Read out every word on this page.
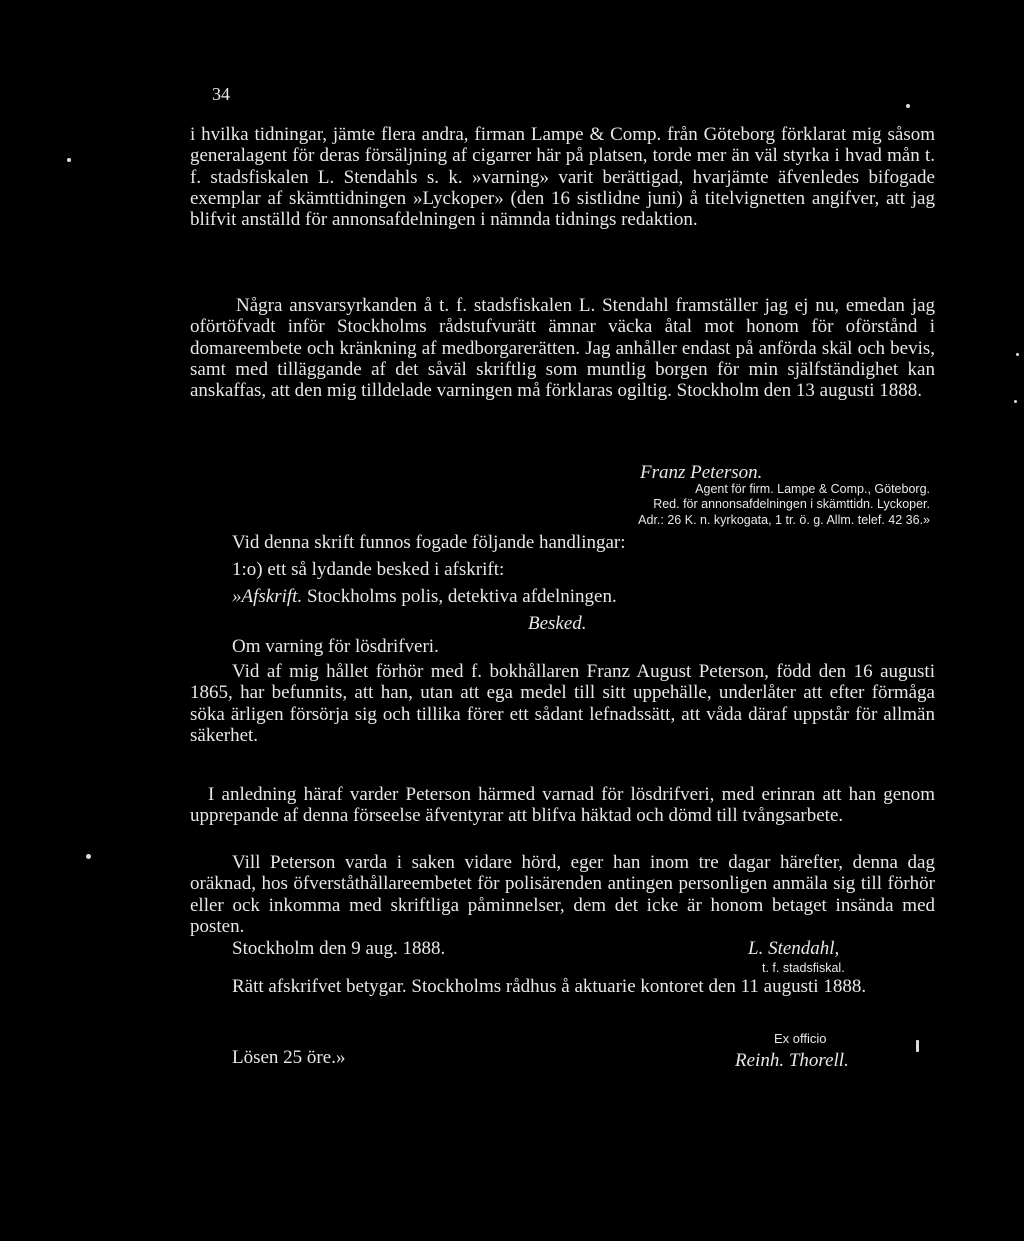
34

i hvilka tidningar, jämte flera andra, firman Lampe & Comp. från Göteborg förklarat mig såsom generalagent för deras försäljning af cigarrer här på platsen, torde mer än väl styrka i hvad mån t. f. stadsfiskalen L. Stendahls s. k. »varning» varit berättigad, hvarjämte äfvenledes bifogade exemplar af skämttidningen »Lyckoper» (den 16 sistlidne juni) å titelvignetten angifver, att jag blifvit anställd för annonsafdelningen i nämnda tidnings redaktion.

Några ansvarsyrkanden å t. f. stadsfiskalen L. Stendahl framställer jag ej nu, emedan jag oförtöfvadt inför Stockholms rådstufvurätt ämnar väcka åtal mot honom för oförstånd i domareembete och kränkning af medborgarerätten. Jag anhåller endast på anförda skäl och bevis, samt med tilläggande af det såväl skriftlig som muntlig borgen för min själfständighet kan anskaffas, att den mig tilldelade varningen må förklaras ogiltig. Stockholm den 13 augusti 1888.

Franz Peterson.
Agent för firm. Lampe & Comp., Göteborg.
Red. för annonsafdelningen i skämttidn. Lyckoper.
Adr.: 26 K. n. kyrkogata, 1 tr. ö. g. Allm. telef. 42 36.»
Vid denna skrift funnos fogade följande handlingar:
1:o) ett så lydande besked i afskrift:
»Afskrift. Stockholms polis, detektiva afdelningen.
Besked.
Om varning för lösdrifveri.

Vid af mig hållet förhör med f. bokhållaren Franz August Peterson, född den 16 augusti 1865, har befunnits, att han, utan att ega medel till sitt uppehälle, underlåter att efter förmåga söka ärligen försörja sig och tillika förer ett sådant lefnadssätt, att våda däraf uppstår för allmän säkerhet.

I anledning häraf varder Peterson härmed varnad för lösdrifveri, med erinran att han genom upprepande af denna förseelse äfventyrar att blifva häktad och dömd till tvångsarbete.

Vill Peterson varda i saken vidare hörd, eger han inom tre dagar härefter, denna dag oräknad, hos öfverståthållareembetet för polisärenden antingen personligen anmäla sig till förhör eller ock inkomma med skriftliga påminnelser, dem det icke är honom betaget insända med posten.

Stockholm den 9 aug. 1888.	L. Stendahl,
t. f. stadsfiskal.

Rätt afskrifvet betygar. Stockholms rådhus å aktuarie kontoret den 11 augusti 1888.

Lösen 25 öre.»
Ex officio
Reinh. Thorell.
